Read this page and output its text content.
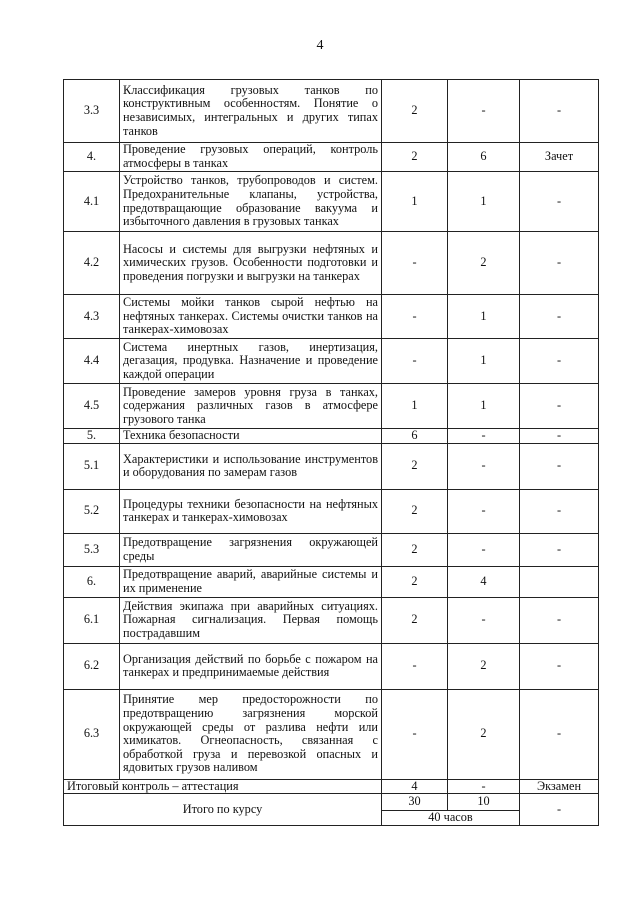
4
3.3	Классификация грузовых танков по конструктивным особенностям. Понятие о независимых, интегральных и других типах танков	2	-	-
4.	Проведение грузовых операций, контроль атмосферы в танках	2	6	Зачет
4.1	Устройство танков, трубопроводов и систем. Предохранительные клапаны, устройства, предотвращающие образование вакуума и избыточного давления в грузовых танках	1	1	-
4.2	Насосы и системы для выгрузки нефтяных и химических грузов. Особенности подготовки и проведения погрузки и выгрузки на танкерах	-	2	-
4.3	Системы мойки танков сырой нефтью на нефтяных танкерах. Системы очистки танков на танкерах-химовозах	-	1	-
4.4	Система инертных газов, инертизация, дегазация, продувка. Назначение и проведение каждой операции	-	1	-
4.5	Проведение замеров уровня груза в танках, содержания различных газов в атмосфере грузового танка	1	1	-
5.	Техника безопасности	6	-	-
5.1	Характеристики и использование инструментов и оборудования по замерам газов	2	-	-
5.2	Процедуры техники безопасности на нефтяных танкерах и танкерах-химовозах	2	-	-
5.3	Предотвращение загрязнения окружающей среды	2	-	-
6.	Предотвращение аварий, аварийные системы и их применение	2	4	
6.1	Действия экипажа при аварийных ситуациях. Пожарная сигнализация. Первая помощь пострадавшим	2	-	-
6.2	Организация действий по борьбе с пожаром на танкерах и предпринимаемые действия	-	2	-
6.3	Принятие мер предосторожности по предотвращению загрязнения морской окружающей среды от разлива нефти или химикатов. Огнеопасность, связанная с обработкой груза и перевозкой опасных и ядовитых грузов наливом	-	2	-
Итоговый контроль – аттестация		4	-	Экзамен
Итого по курсу		30	10	-
		40 часов		
